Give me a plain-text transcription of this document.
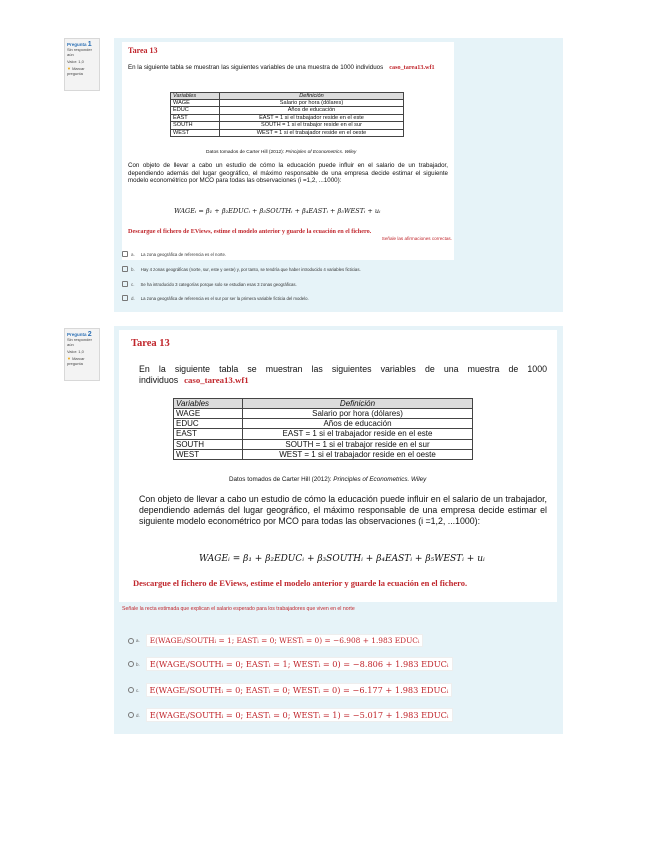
Pregunta 1
Sin responder aún
Valor: 1,0
▼ Marcar pregunta
Tarea 13
En la siguiente tabla se muestran las siguientes variables de una muestra de 1000 individuos caso_tarea13.wf1
Variables	Definición
WAGE	Salario por hora (dólares)
EDUC	Años de educación
EAST	EAST = 1 si el trabajador reside en el este
SOUTH	SOUTH = 1 si el trabajor reside en el sur
WEST	WEST = 1 si el trabajador reside en el oeste
Datos tomados de Carter Hill (2012): Principles of Econometrics. Wiley
Con objeto de llevar a cabo un estudio de cómo la educación puede influir en el salario de un trabajador, dependiendo además del lugar geográfico, el máximo responsable de una empresa decide estimar el siguiente modelo econométrico por MCO para todas las observaciones (i =1,2, ...1000):
WAGEᵢ = β₁ + β₂EDUCᵢ + β₃SOUTHᵢ + β₄EASTᵢ + β₅WESTᵢ + uᵢ
Descargue el fichero de EViews, estime el modelo anterior y guarde la ecuación en el fichero.
Señale las afirmaciones correctas.
a. La zona geográfica de referencia es el norte.
b. Hay 4 zonas geográficas (norte, sur, este y oeste) y, por tanto, se tendría que haber introducido 4 variables ficticias.
c. Se ha introducido 3 categorías porque solo se estudian esas 3 zonas geográficas.
d. La zona geográfica de referencia es el sur por ser la primera variable ficticia del modelo.
Pregunta 2
Sin responder aún
Valor: 1,0
▼ Marcar pregunta
Tarea 13
En la siguiente tabla se muestran las siguientes variables de una muestra de 1000 individuos caso_tarea13.wf1
Variables	Definición
WAGE	Salario por hora (dólares)
EDUC	Años de educación
EAST	EAST = 1 si el trabajador reside en el este
SOUTH	SOUTH = 1 si el trabajor reside en el sur
WEST	WEST = 1 si el trabajador reside en el oeste
Datos tomados de Carter Hill (2012): Principles of Econometrics. Wiley
Con objeto de llevar a cabo un estudio de cómo la educación puede influir en el salario de un trabajador, dependiendo además del lugar geográfico, el máximo responsable de una empresa decide estimar el siguiente modelo econométrico por MCO para todas las observaciones (i =1,2, ...1000):
WAGEᵢ = β₁ + β₂EDUCᵢ + β₃SOUTHᵢ + β₄EASTᵢ + β₅WESTᵢ + uᵢ
Descargue el fichero de EViews, estime el modelo anterior y guarde la ecuación en el fichero.
Señale la recta estimada que explican el salario esperado para los trabajadores que viven en el norte
a.	E(WAGEᵢ/SOUTHᵢ = 1; EASTᵢ = 0; WESTᵢ = 0) = −6.908 + 1.983 EDUCᵢ
b.	E(WAGEᵢ/SOUTHᵢ = 0; EASTᵢ = 1; WESTᵢ = 0) = −8.806 + 1.983 EDUCᵢ
c.	E(WAGEᵢ/SOUTHᵢ = 0; EASTᵢ = 0; WESTᵢ = 0) = −6.177 + 1.983 EDUCᵢ
d.	E(WAGEᵢ/SOUTHᵢ = 0; EASTᵢ = 0; WESTᵢ = 1) = −5.017 + 1.983 EDUCᵢ
